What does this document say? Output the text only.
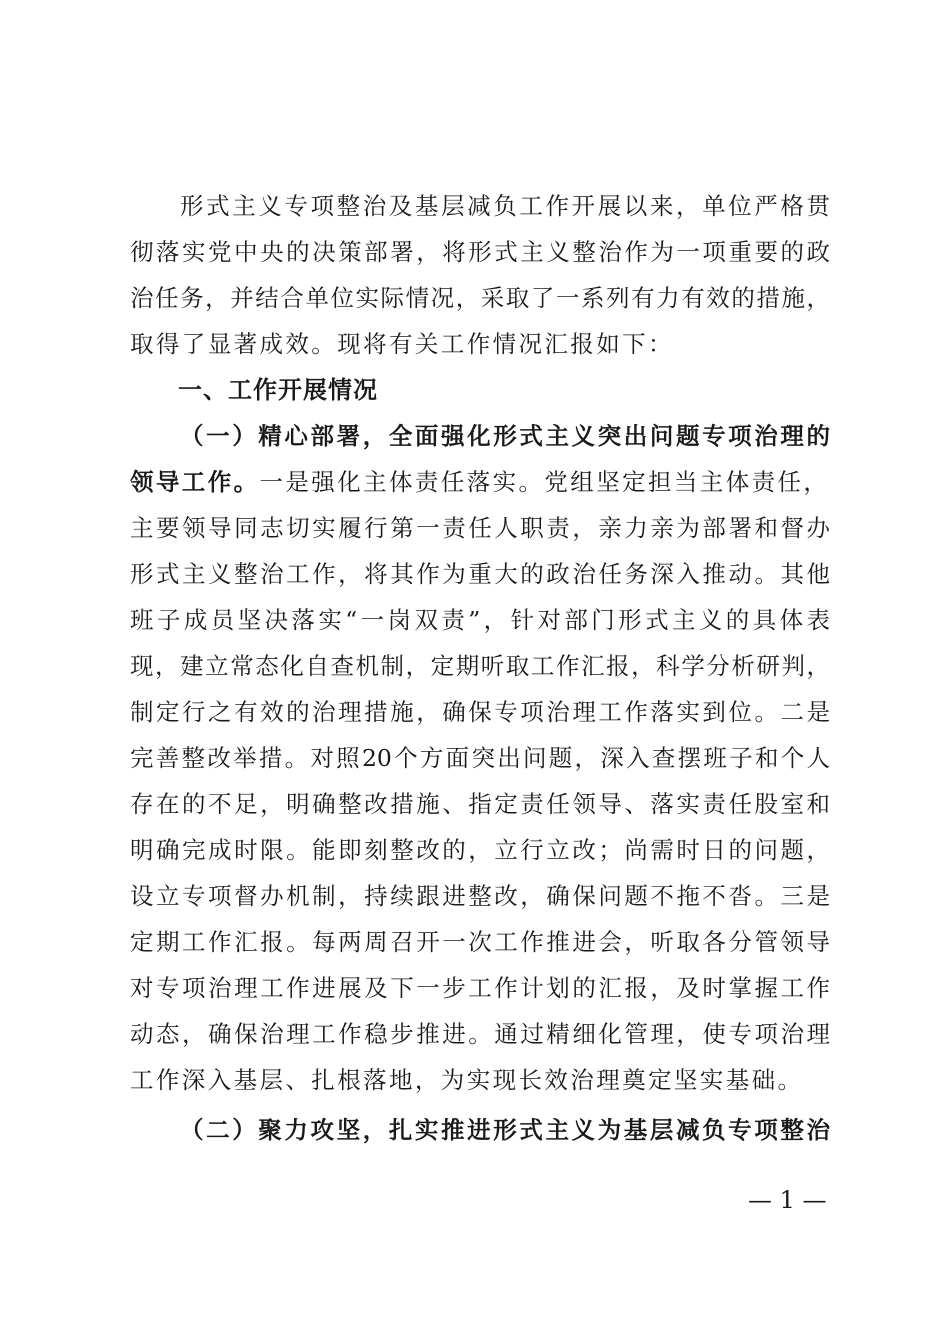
形式主义专项整治及基层减负工作开展以来，单位严格贯
彻落实党中央的决策部署，将形式主义整治作为一项重要的政
治任务，并结合单位实际情况，采取了一系列有力有效的措施，
取得了显著成效。现将有关工作情况汇报如下：
一、工作开展情况
（一）精心部署，全面强化形式主义突出问题专项治理的
领导工作。一是强化主体责任落实。党组坚定担当主体责任，
主要领导同志切实履行第一责任人职责，亲力亲为部署和督办
形式主义整治工作，将其作为重大的政治任务深入推动。其他
班子成员坚决落实“一岗双责”，针对部门形式主义的具体表
现，建立常态化自查机制，定期听取工作汇报，科学分析研判，
制定行之有效的治理措施，确保专项治理工作落实到位。二是
完善整改举措。对照20个方面突出问题，深入查摆班子和个人
存在的不足，明确整改措施、指定责任领导、落实责任股室和
明确完成时限。能即刻整改的，立行立改；尚需时日的问题，
设立专项督办机制，持续跟进整改，确保问题不拖不沓。三是
定期工作汇报。每两周召开一次工作推进会，听取各分管领导
对专项治理工作进展及下一步工作计划的汇报，及时掌握工作
动态，确保治理工作稳步推进。通过精细化管理，使专项治理
工作深入基层、扎根落地，为实现长效治理奠定坚实基础。
（二）聚力攻坚，扎实推进形式主义为基层减负专项整治
— 1 —
